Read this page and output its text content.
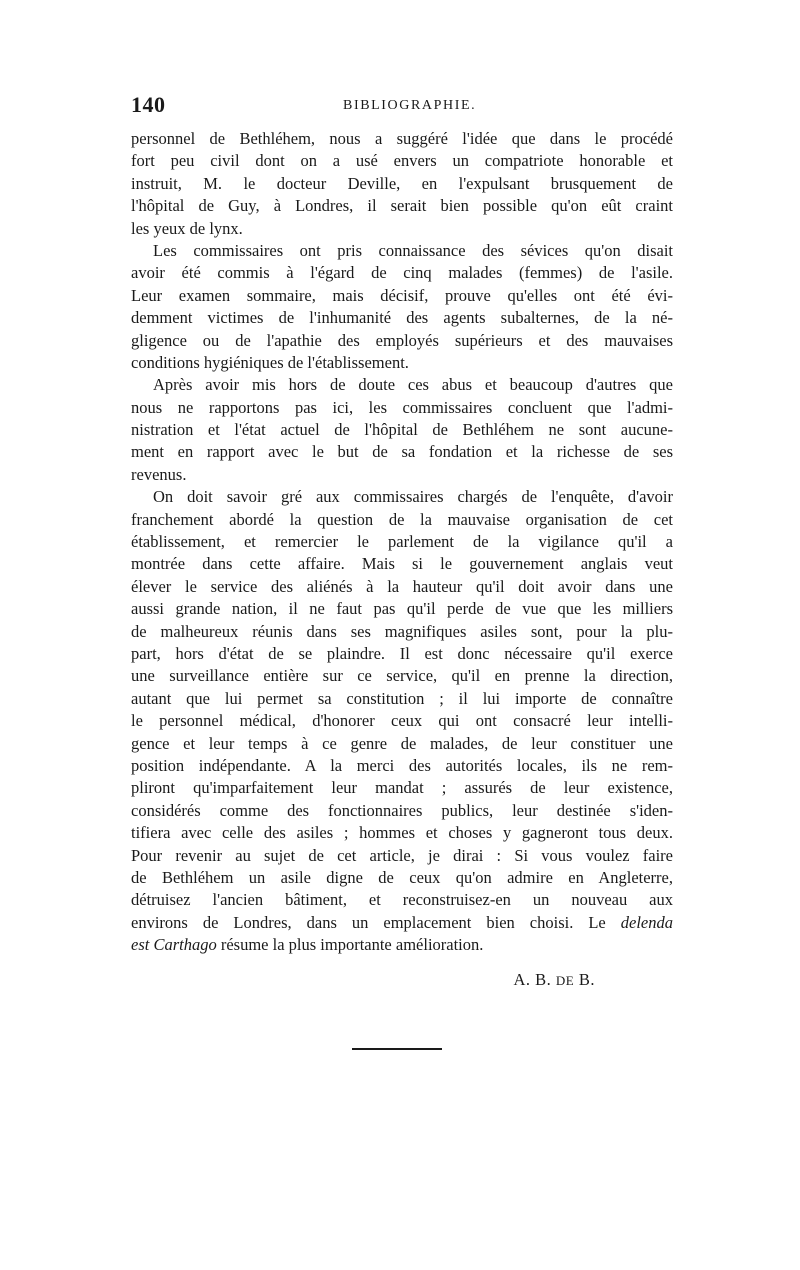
140	BIBLIOGRAPHIE.
personnel de Bethléhem, nous a suggéré l'idée que dans le procédé
fort peu civil dont on a usé envers un compatriote honorable et
instruit, M. le docteur Deville, en l'expulsant brusquement de
l'hôpital de Guy, à Londres, il serait bien possible qu'on eût craint
les yeux de lynx.
Les commissaires ont pris connaissance des sévices qu'on disait
avoir été commis à l'égard de cinq malades (femmes) de l'asile.
Leur examen sommaire, mais décisif, prouve qu'elles ont été évi-
demment victimes de l'inhumanité des agents subalternes, de la né-
gligence ou de l'apathie des employés supérieurs et des mauvaises
conditions hygiéniques de l'établissement.
Après avoir mis hors de doute ces abus et beaucoup d'autres que
nous ne rapportons pas ici, les commissaires concluent que l'admi-
nistration et l'état actuel de l'hôpital de Bethléhem ne sont aucune-
ment en rapport avec le but de sa fondation et la richesse de ses
revenus.
On doit savoir gré aux commissaires chargés de l'enquête, d'avoir
franchement abordé la question de la mauvaise organisation de cet
établissement, et remercier le parlement de la vigilance qu'il a
montrée dans cette affaire. Mais si le gouvernement anglais veut
élever le service des aliénés à la hauteur qu'il doit avoir dans une
aussi grande nation, il ne faut pas qu'il perde de vue que les milliers
de malheureux réunis dans ses magnifiques asiles sont, pour la plu-
part, hors d'état de se plaindre. Il est donc nécessaire qu'il exerce
une surveillance entière sur ce service, qu'il en prenne la direction,
autant que lui permet sa constitution ; il lui importe de connaître
le personnel médical, d'honorer ceux qui ont consacré leur intelli-
gence et leur temps à ce genre de malades, de leur constituer une
position indépendante. A la merci des autorités locales, ils ne rem-
pliront qu'imparfaitement leur mandat ; assurés de leur existence,
considérés comme des fonctionnaires publics, leur destinée s'iden-
tifiera avec celle des asiles ; hommes et choses y gagneront tous deux.
Pour revenir au sujet de cet article, je dirai : Si vous voulez faire
de Bethléhem un asile digne de ceux qu'on admire en Angleterre,
détruisez l'ancien bâtiment, et reconstruisez-en un nouveau aux
environs de Londres, dans un emplacement bien choisi. Le delenda
est Carthago résume la plus importante amélioration.
A. B. DE B.
